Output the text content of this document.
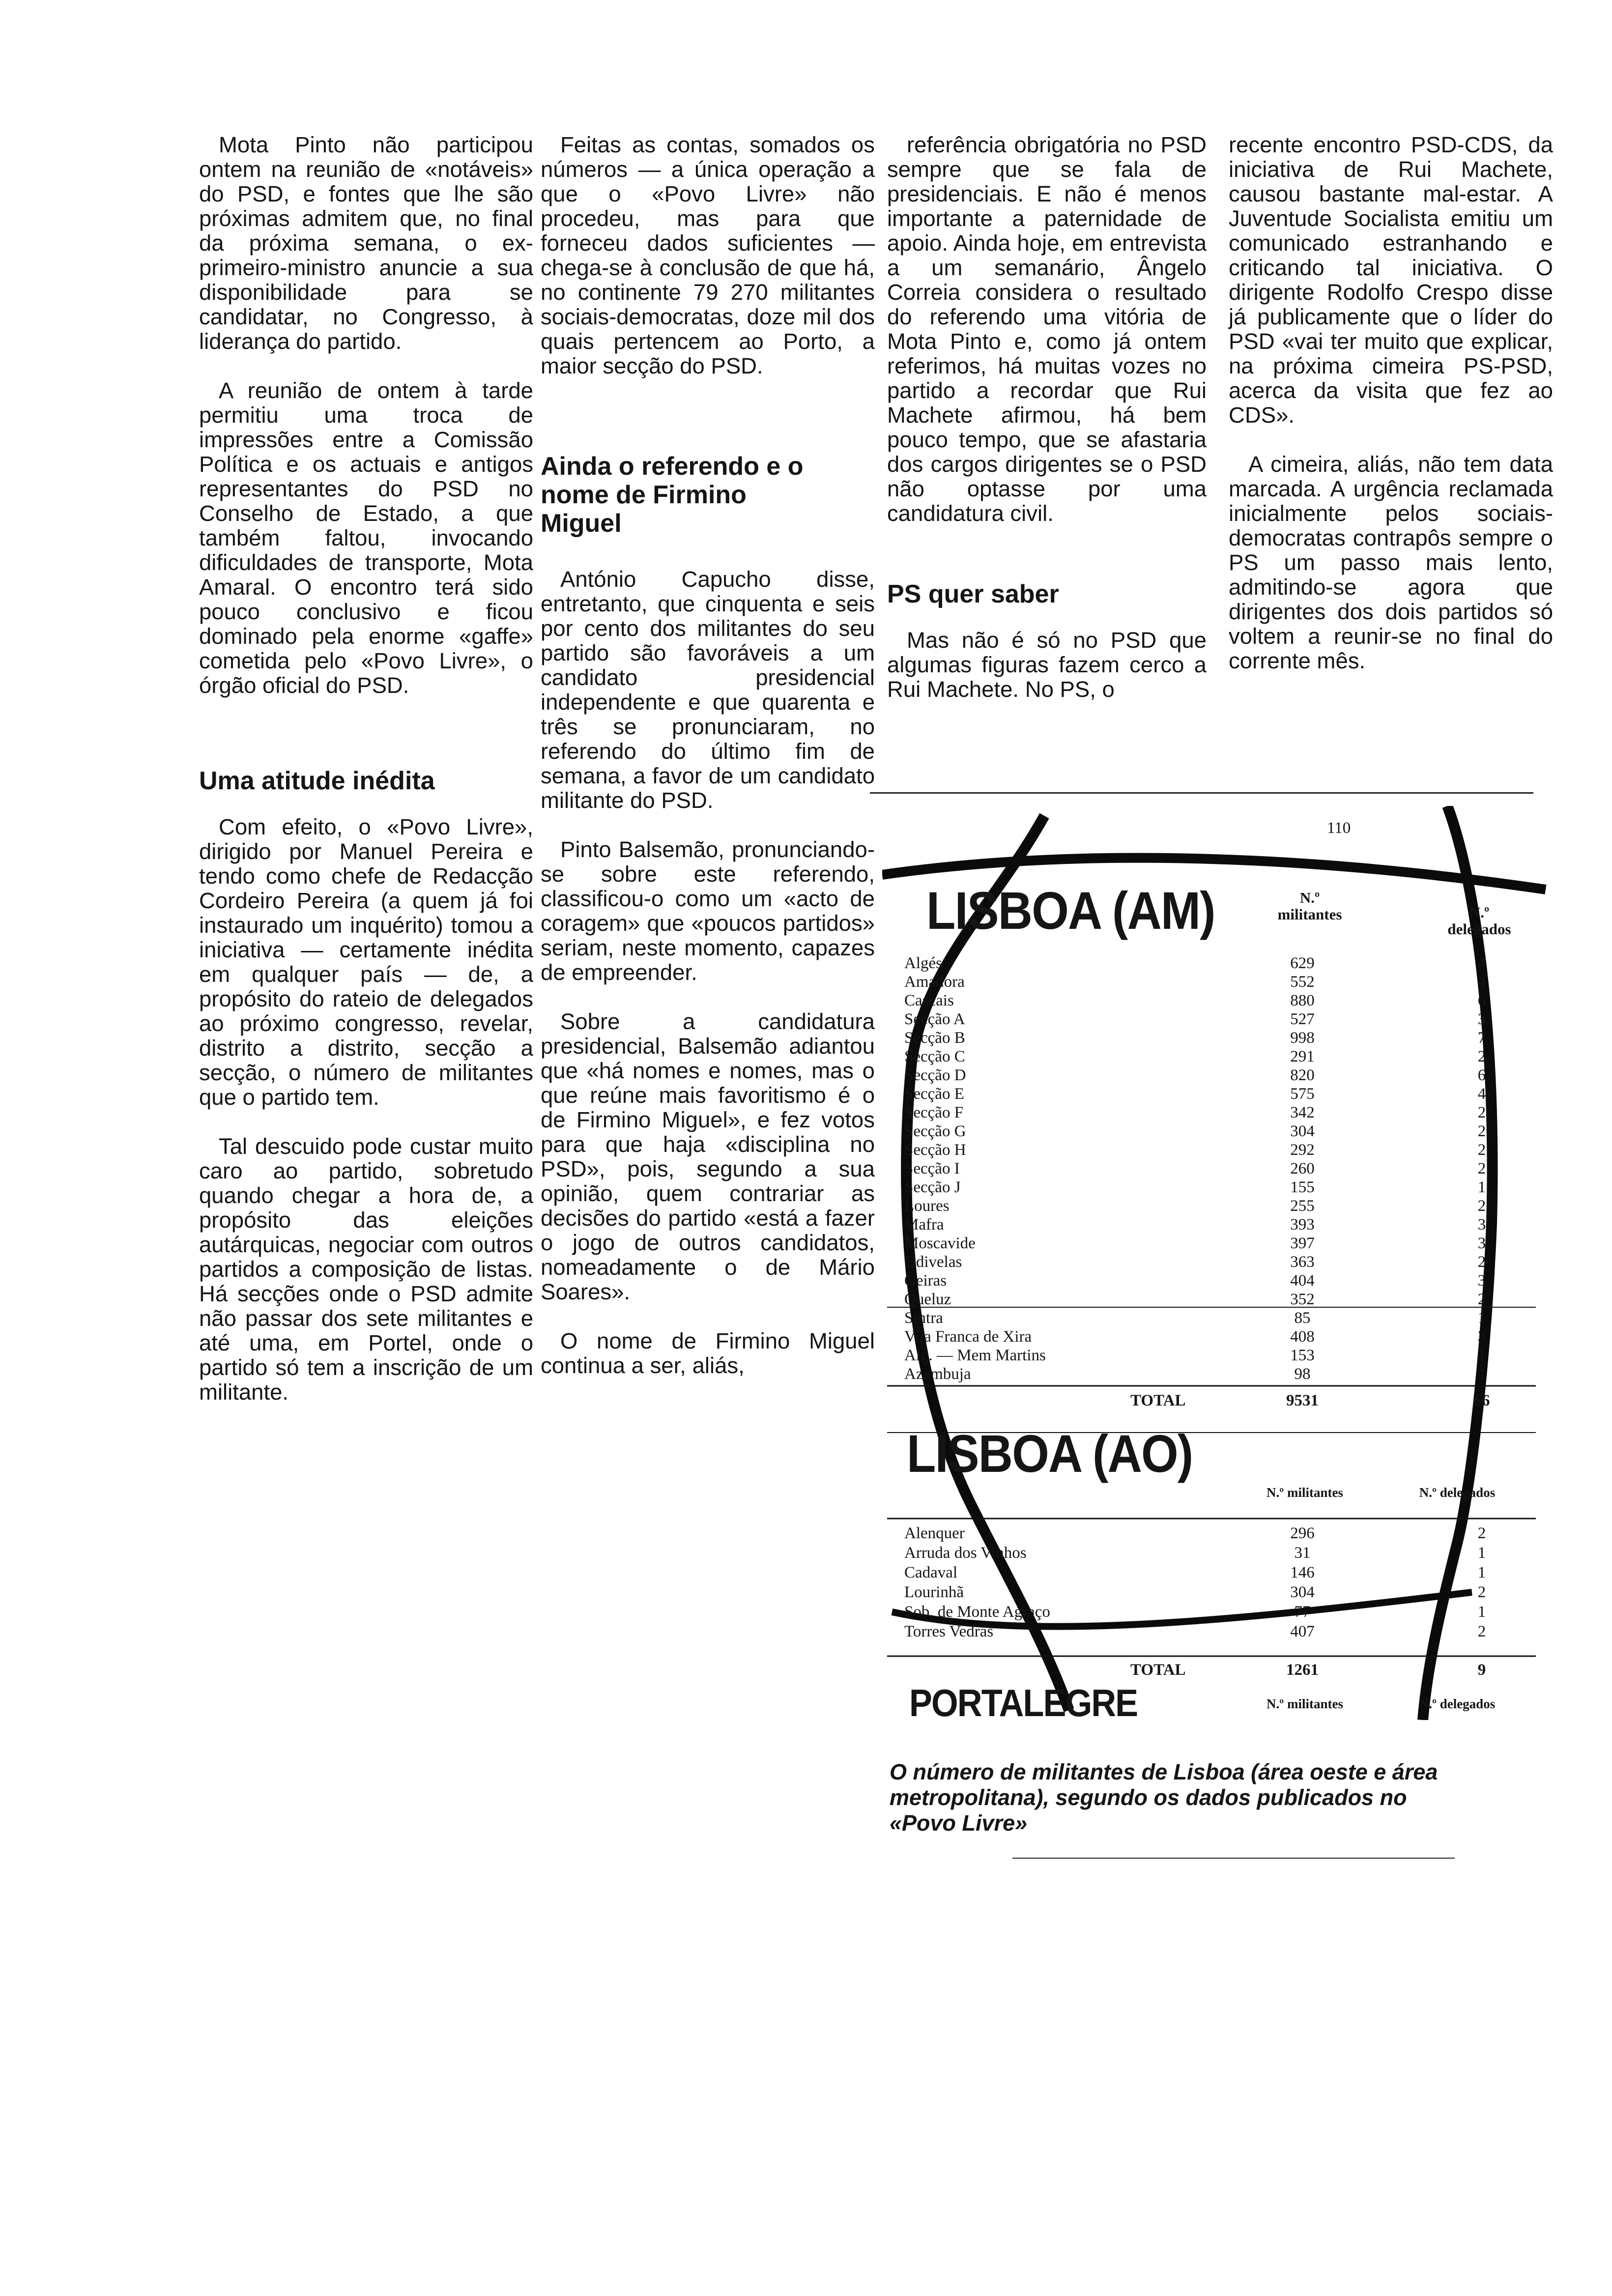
Mota Pinto não participou ontem na reunião de «notáveis» do PSD, e fontes que lhe são próximas admitem que, no final da próxima semana, o ex-primeiro-ministro anuncie a sua disponibilidade para se candidatar, no Congresso, à liderança do partido.

A reunião de ontem à tarde permitiu uma troca de impressões entre a Comissão Política e os actuais e antigos representantes do PSD no Conselho de Estado, a que também faltou, invocando dificuldades de transporte, Mota Amaral. O encontro terá sido pouco conclusivo e ficou dominado pela enorme «gaffe» cometida pelo «Povo Livre», o órgão oficial do PSD.

Uma atitude inédita

Com efeito, o «Povo Livre», dirigido por Manuel Pereira e tendo como chefe de Redacção Cordeiro Pereira (a quem já foi instaurado um inquérito) tomou a iniciativa — certamente inédita em qualquer país — de, a propósito do rateio de delegados ao próximo congresso, revelar, distrito a distrito, secção a secção, o número de militantes que o partido tem.

Tal descuido pode custar muito caro ao partido, sobretudo quando chegar a hora de, a propósito das eleições autárquicas, negociar com outros partidos a composição de listas. Há secções onde o PSD admite não passar dos sete militantes e até uma, em Portel, onde o partido só tem a inscrição de um militante.

Feitas as contas, somados os números — a única operação a que o «Povo Livre» não procedeu, mas para que forneceu dados suficientes — chega-se à conclusão de que há, no continente 79 270 militantes sociais-democratas, doze mil dos quais pertencem ao Porto, a maior secção do PSD.

Ainda o referendo e o nome de Firmino Miguel

António Capucho disse, entretanto, que cinquenta e seis por cento dos militantes do seu partido são favoráveis a um candidato presidencial independente e que quarenta e três se pronunciaram, no referendo do último fim de semana, a favor de um candidato militante do PSD.

Pinto Balsemão, pronunciando-se sobre este referendo, classificou-o como um «acto de coragem» que «poucos partidos» seriam, neste momento, capazes de empreender.

Sobre a candidatura presidencial, Balsemão adiantou que «há nomes e nomes, mas o que reúne mais favoritismo é o de Firmino Miguel», e fez votos para que haja «disciplina no PSD», pois, segundo a sua opinião, quem contrariar as decisões do partido «está a fazer o jogo de outros candidatos, nomeadamente o de Mário Soares».

O nome de Firmino Miguel continua a ser, aliás,

referência obrigatória no PSD sempre que se fala de presidenciais. E não é menos importante a paternidade de apoio. Ainda hoje, em entrevista a um semanário, Ângelo Correia considera o resultado do referendo uma vitória de Mota Pinto e, como já ontem referimos, há muitas vozes no partido a recordar que Rui Machete afirmou, há bem pouco tempo, que se afastaria dos cargos dirigentes se o PSD não optasse por uma candidatura civil.

PS quer saber

Mas não é só no PSD que algumas figuras fazem cerco a Rui Machete. No PS, o

recente encontro PSD-CDS, da iniciativa de Rui Machete, causou bastante mal-estar. A Juventude Socialista emitiu um comunicado estranhando e criticando tal iniciativa. O dirigente Rodolfo Crespo disse já publicamente que o líder do PSD «vai ter muito que explicar, na próxima cimeira PS-PSD, acerca da visita que fez ao CDS».

A cimeira, aliás, não tem data marcada. A urgência reclamada inicialmente pelos sociais-democratas contrapôs sempre o PS um passo mais lento, admitindo-se agora que dirigentes dos dois partidos só voltem a reunir-se no final do corrente mês.

110
LISBOA (AM)	N.º militantes	N.º delegados
Algés	629	4
Amadora	552	4
Cascais	880	6
Secção A	527	3
Secção B	998	7
Secção C	291	2
Secção D	820	6
Secção E	575	4
Secção F	342	2
Secção G	304	2
Secção H	292	2
Secção I	260	2
Secção J	155	1
Loures	255	2
Mafra	393	3
Moscavide	397	3
Odivelas	363	2
Oeiras	404	3
Queluz	352	2
Sintra	85	1
Vila Franca de Xira	408	3
Alg. — Mem Martins	153	1
Azambuja	98	1
TOTAL	9531	66
LISBOA (AO)
N.º militantes	N.º delegados
Alenquer	296	2
Arruda dos Vinhos	31	1
Cadaval	146	1
Lourinhã	304	2
Sob. de Monte Agraço	77	1
Torres Vedras	407	2
TOTAL	1261	9
PORTALEGRE	N.º militantes	N.º delegados

O número de militantes de Lisboa (área oeste e área metropolitana), segundo os dados publicados no «Povo Livre»
